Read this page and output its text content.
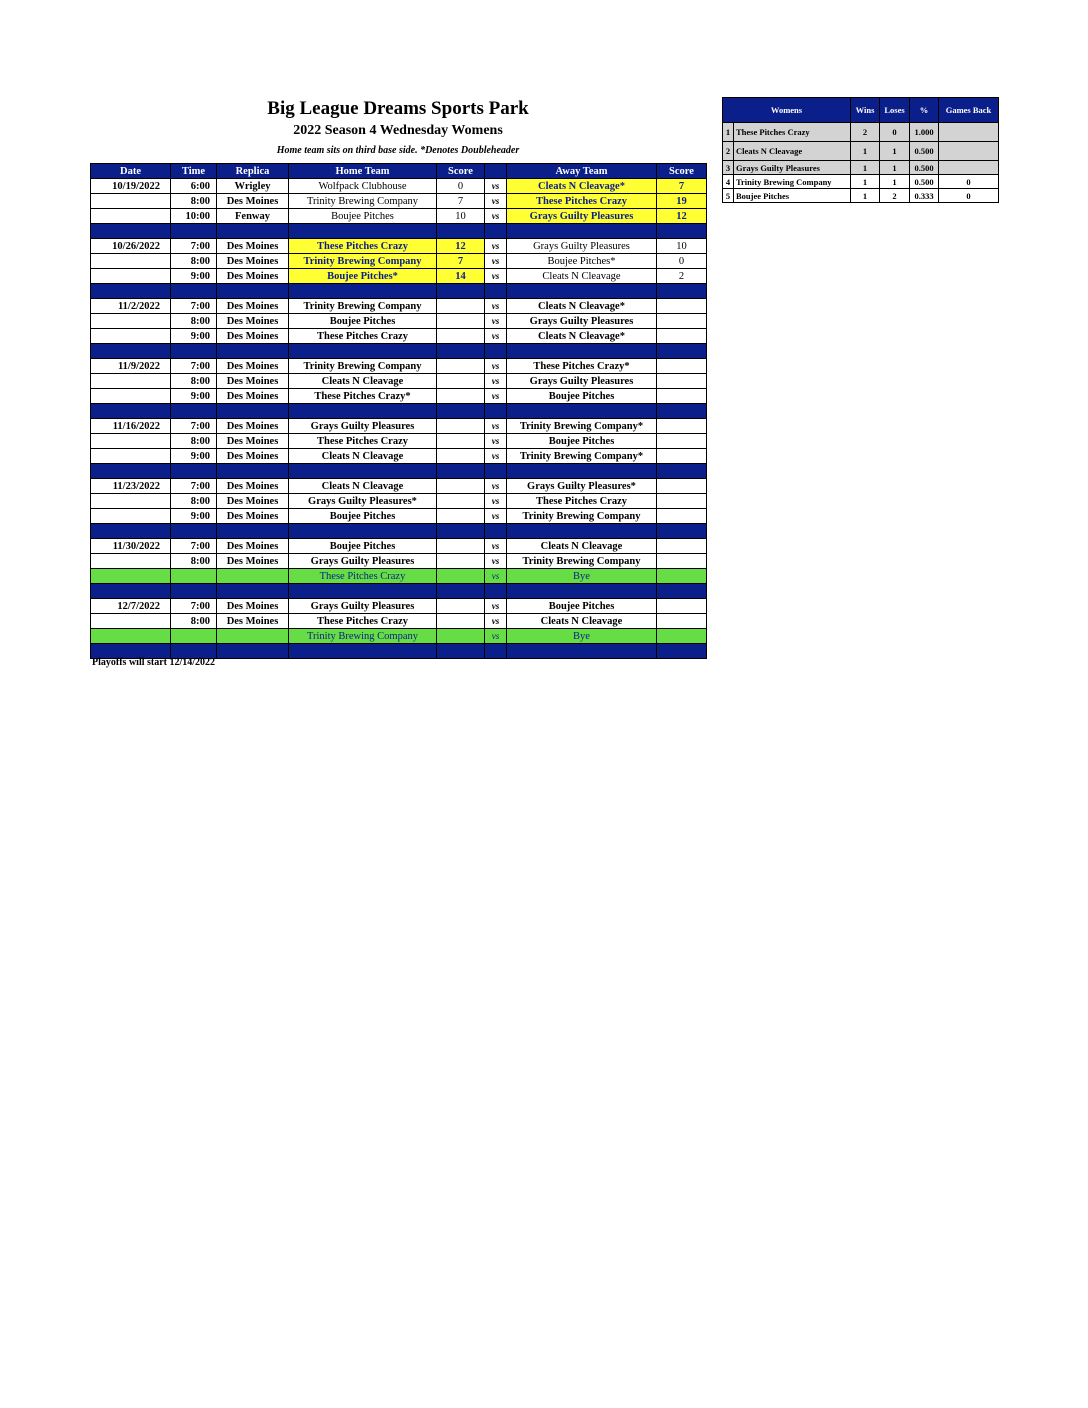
Big League Dreams Sports Park
2022 Season 4 Wednesday Womens
Home team sits on third base side. *Denotes Doubleheader
Date	Time	Replica	Home Team	Score		Away Team	Score
10/19/2022	6:00	Wrigley	Wolfpack Clubhouse	0	vs	Cleats N Cleavage*	7
	8:00	Des Moines	Trinity Brewing Company	7	vs	These Pitches Crazy	19
	10:00	Fenway	Boujee Pitches	10	vs	Grays Guilty Pleasures	12

10/26/2022	7:00	Des Moines	These Pitches Crazy	12	vs	Grays Guilty Pleasures	10
	8:00	Des Moines	Trinity Brewing Company	7	vs	Boujee Pitches*	0
	9:00	Des Moines	Boujee Pitches*	14	vs	Cleats N Cleavage	2

11/2/2022	7:00	Des Moines	Trinity Brewing Company		vs	Cleats N Cleavage*	
	8:00	Des Moines	Boujee Pitches		vs	Grays Guilty Pleasures	
	9:00	Des Moines	These Pitches Crazy		vs	Cleats N Cleavage*	

11/9/2022	7:00	Des Moines	Trinity Brewing Company		vs	These Pitches Crazy*	
	8:00	Des Moines	Cleats N Cleavage		vs	Grays Guilty Pleasures	
	9:00	Des Moines	These Pitches Crazy*		vs	Boujee Pitches	

11/16/2022	7:00	Des Moines	Grays Guilty Pleasures		vs	Trinity Brewing Company*	
	8:00	Des Moines	These Pitches Crazy		vs	Boujee Pitches	
	9:00	Des Moines	Cleats N Cleavage		vs	Trinity Brewing Company*	

11/23/2022	7:00	Des Moines	Cleats N Cleavage		vs	Grays Guilty Pleasures*	
	8:00	Des Moines	Grays Guilty Pleasures*		vs	These Pitches Crazy	
	9:00	Des Moines	Boujee Pitches		vs	Trinity Brewing Company	

11/30/2022	7:00	Des Moines	Boujee Pitches		vs	Cleats N Cleavage	
	8:00	Des Moines	Grays Guilty Pleasures		vs	Trinity Brewing Company	
			These Pitches Crazy		vs	Bye	

12/7/2022	7:00	Des Moines	Grays Guilty Pleasures		vs	Boujee Pitches	
	8:00	Des Moines	These Pitches Crazy		vs	Cleats N Cleavage	
			Trinity Brewing Company		vs	Bye	

Playoffs will start 12/14/2022
Womens		Wins	Loses	%	Games Back
1	These Pitches Crazy	2	0	1.000	
2	Cleats N Cleavage	1	1	0.500	
3	Grays Guilty Pleasures	1	1	0.500	
4	Trinity Brewing Company	1	1	0.500	0
5	Boujee Pitches	1	2	0.333	0
